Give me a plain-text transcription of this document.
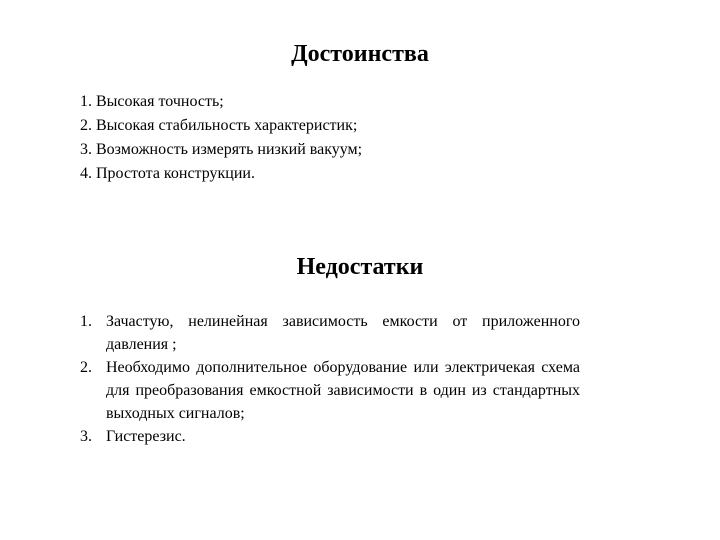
Достоинства
1. Высокая точность;
2. Высокая стабильность характеристик;
3. Возможность измерять низкий вакуум;
4. Простота конструкции.
Недостатки
1. Зачастую, нелинейная зависимость емкости от приложенного давления ;
2. Необходимо дополнительное оборудование или электричекая схема для преобразования емкостной зависимости в один из стандартных выходных сигналов;
3. Гистерезис.
